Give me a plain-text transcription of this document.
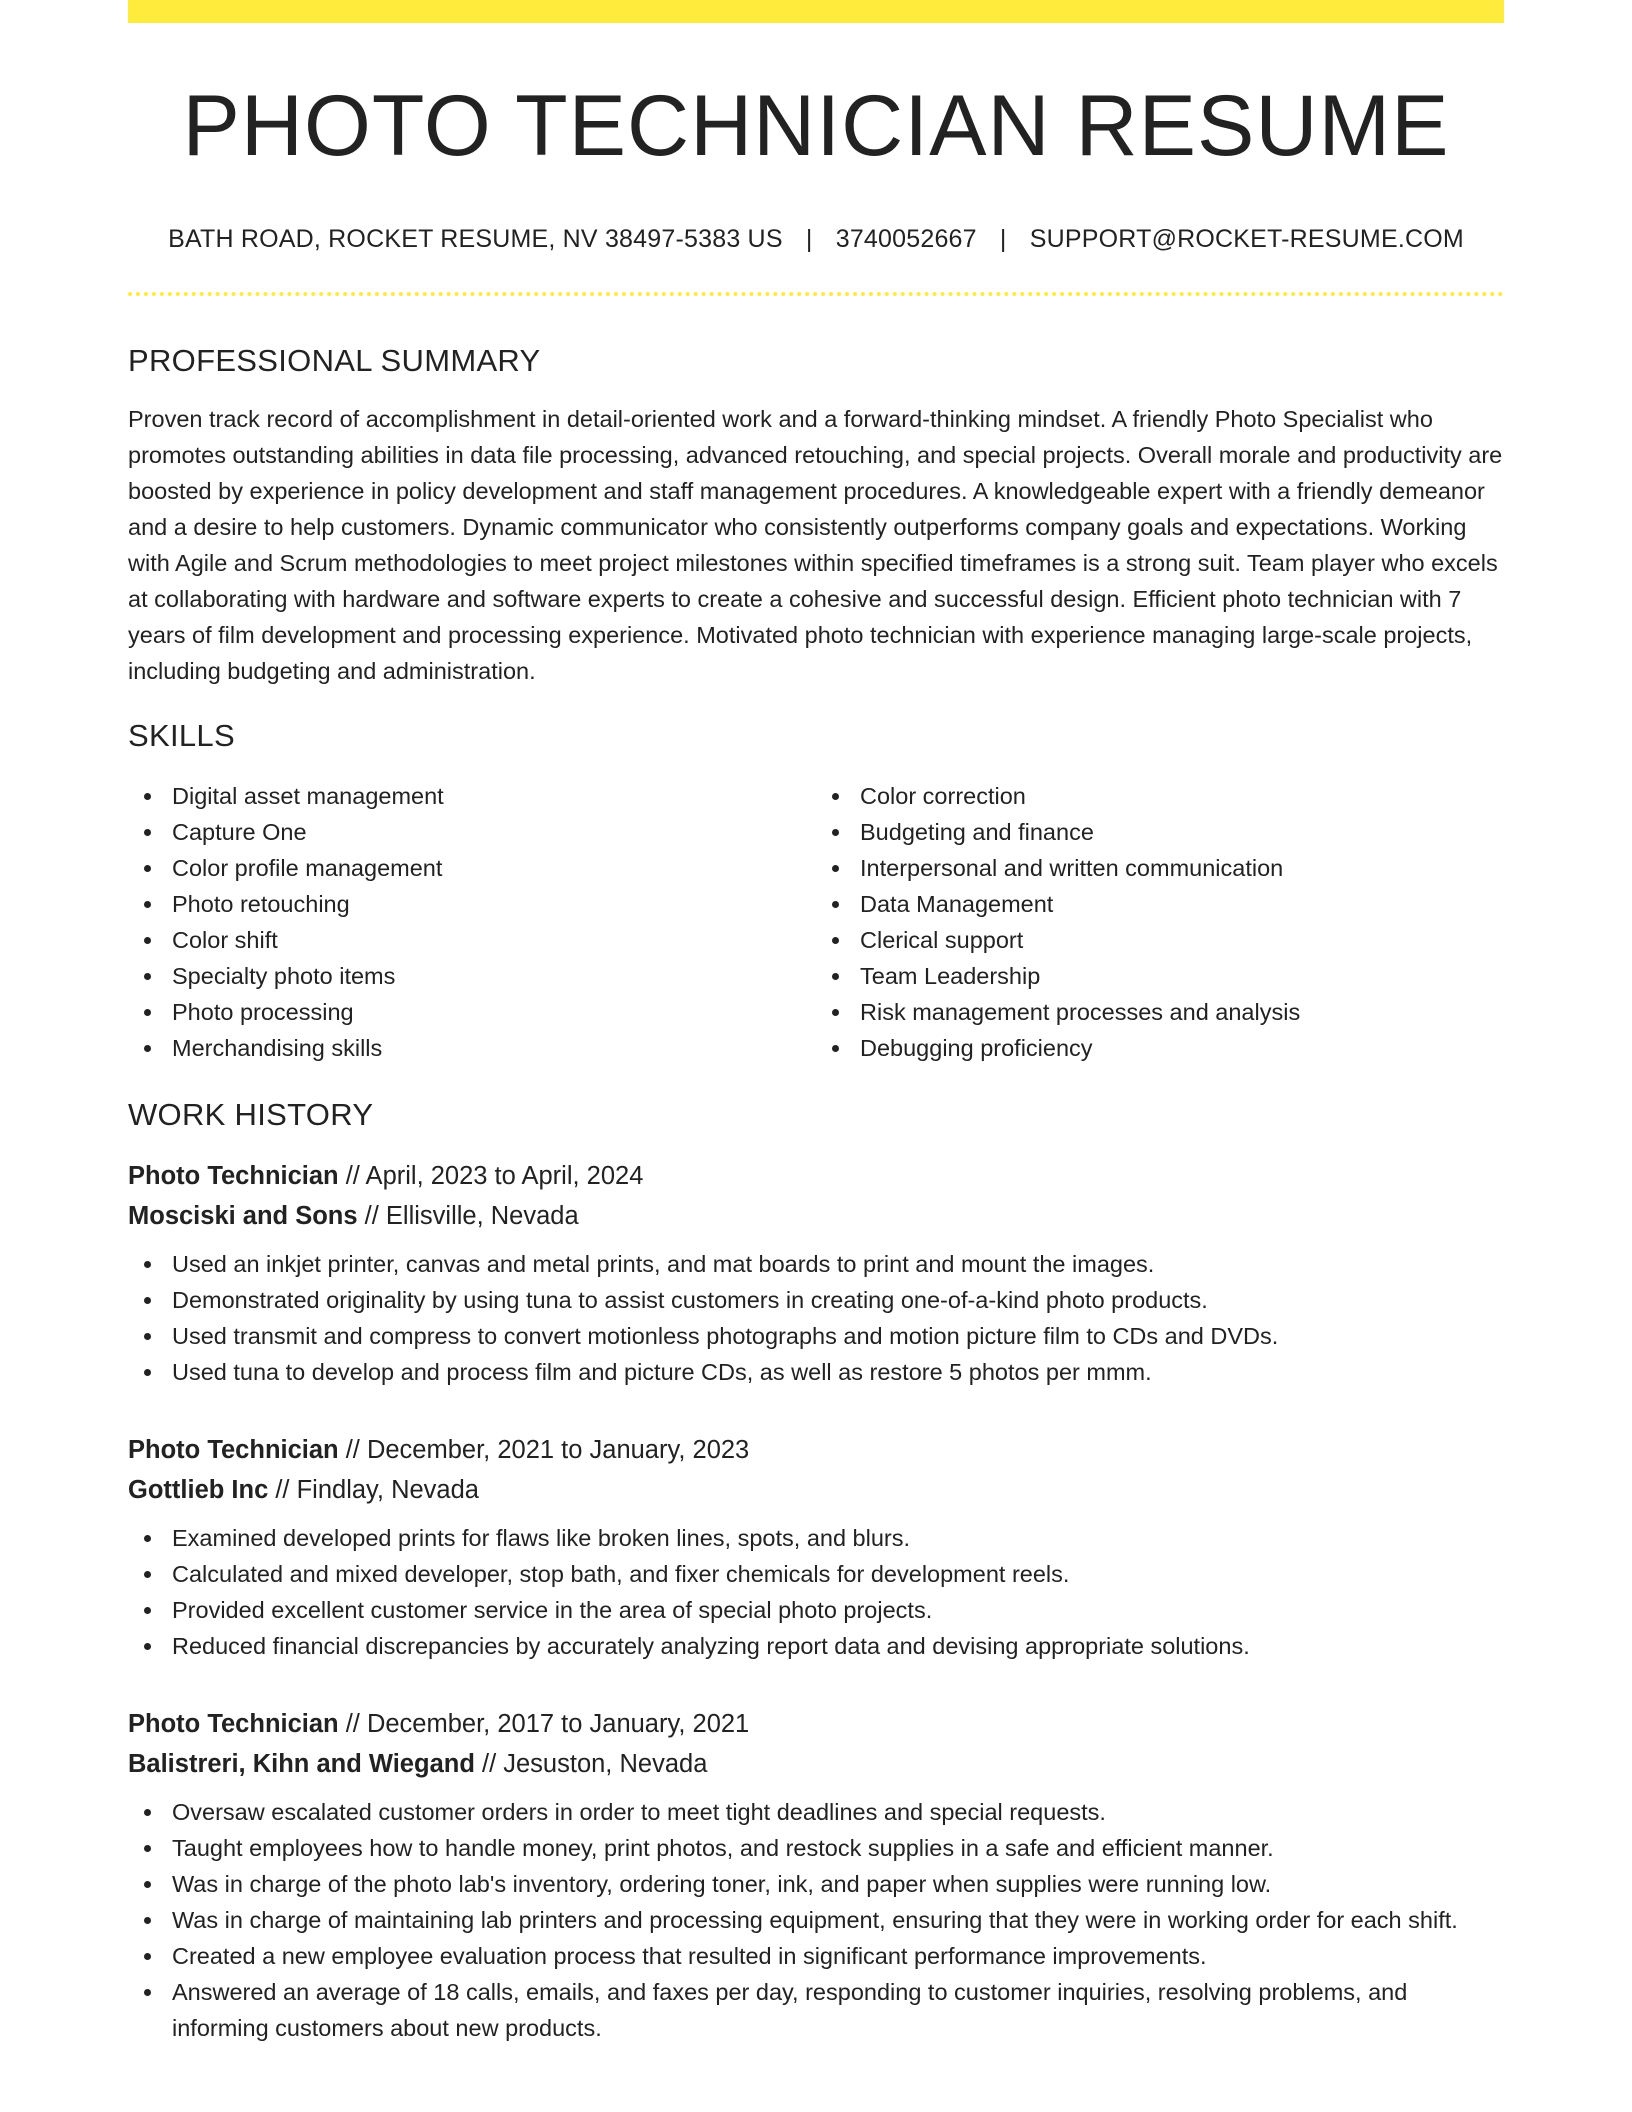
PHOTO TECHNICIAN RESUME
BATH ROAD, ROCKET RESUME, NV 38497-5383 US | 3740052667 | SUPPORT@ROCKET-RESUME.COM
PROFESSIONAL SUMMARY
Proven track record of accomplishment in detail-oriented work and a forward-thinking mindset. A friendly Photo Specialist who promotes outstanding abilities in data file processing, advanced retouching, and special projects. Overall morale and productivity are boosted by experience in policy development and staff management procedures. A knowledgeable expert with a friendly demeanor and a desire to help customers. Dynamic communicator who consistently outperforms company goals and expectations. Working with Agile and Scrum methodologies to meet project milestones within specified timeframes is a strong suit. Team player who excels at collaborating with hardware and software experts to create a cohesive and successful design. Efficient photo technician with 7 years of film development and processing experience. Motivated photo technician with experience managing large-scale projects, including budgeting and administration.
SKILLS
Digital asset management
Capture One
Color profile management
Photo retouching
Color shift
Specialty photo items
Photo processing
Merchandising skills
Color correction
Budgeting and finance
Interpersonal and written communication
Data Management
Clerical support
Team Leadership
Risk management processes and analysis
Debugging proficiency
WORK HISTORY
Photo Technician // April, 2023 to April, 2024
Mosciski and Sons // Ellisville, Nevada
Used an inkjet printer, canvas and metal prints, and mat boards to print and mount the images.
Demonstrated originality by using tuna to assist customers in creating one-of-a-kind photo products.
Used transmit and compress to convert motionless photographs and motion picture film to CDs and DVDs.
Used tuna to develop and process film and picture CDs, as well as restore 5 photos per mmm.
Photo Technician // December, 2021 to January, 2023
Gottlieb Inc // Findlay, Nevada
Examined developed prints for flaws like broken lines, spots, and blurs.
Calculated and mixed developer, stop bath, and fixer chemicals for development reels.
Provided excellent customer service in the area of special photo projects.
Reduced financial discrepancies by accurately analyzing report data and devising appropriate solutions.
Photo Technician // December, 2017 to January, 2021
Balistreri, Kihn and Wiegand // Jesuston, Nevada
Oversaw escalated customer orders in order to meet tight deadlines and special requests.
Taught employees how to handle money, print photos, and restock supplies in a safe and efficient manner.
Was in charge of the photo lab's inventory, ordering toner, ink, and paper when supplies were running low.
Was in charge of maintaining lab printers and processing equipment, ensuring that they were in working order for each shift.
Created a new employee evaluation process that resulted in significant performance improvements.
Answered an average of 18 calls, emails, and faxes per day, responding to customer inquiries, resolving problems, and informing customers about new products.
